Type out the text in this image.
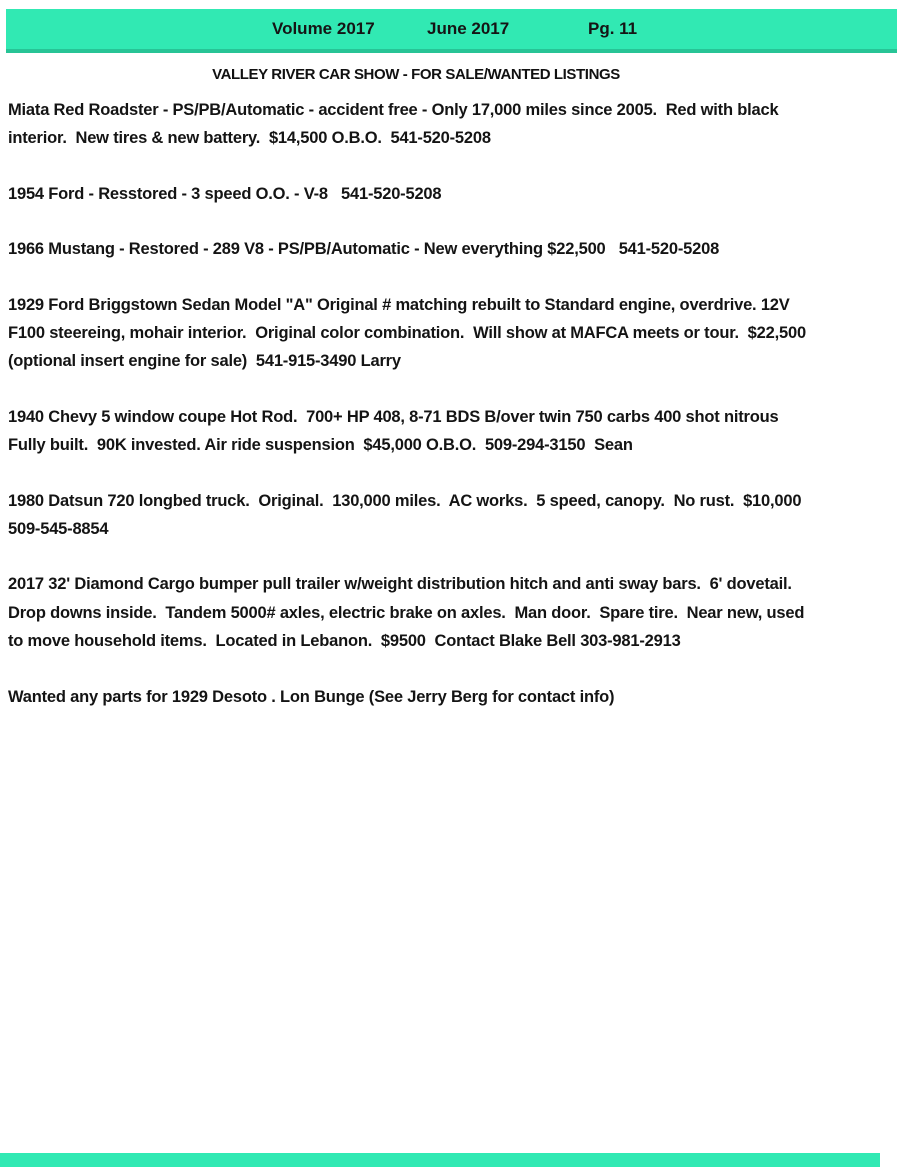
Volume 2017	June 2017	Pg. 11
VALLEY RIVER CAR SHOW - FOR SALE/WANTED LISTINGS
Miata Red Roadster - PS/PB/Automatic - accident free - Only 17,000 miles since 2005.  Red with black
interior.  New tires & new battery.  $14,500 O.B.O.  541-520-5208
1954 Ford - Resstored - 3 speed O.O. - V-8   541-520-5208
1966 Mustang - Restored - 289 V8 - PS/PB/Automatic - New everything $22,500   541-520-5208
1929 Ford Briggstown Sedan Model "A" Original # matching rebuilt to Standard engine, overdrive. 12V
F100 steereing, mohair interior.  Original color combination.  Will show at MAFCA meets or tour.  $22,500
(optional insert engine for sale)  541-915-3490 Larry
1940 Chevy 5 window coupe Hot Rod.  700+ HP 408, 8-71 BDS B/over twin 750 carbs 400 shot nitrous
Fully built.  90K invested. Air ride suspension  $45,000 O.B.O.  509-294-3150  Sean
1980 Datsun 720 longbed truck.  Original.  130,000 miles.  AC works.  5 speed, canopy.  No rust.  $10,000
509-545-8854
2017 32' Diamond Cargo bumper pull trailer w/weight distribution hitch and anti sway bars.  6' dovetail.
Drop downs inside.  Tandem 5000# axles, electric brake on axles.  Man door.  Spare tire.  Near new, used
to move household items.  Located in Lebanon.  $9500  Contact Blake Bell 303-981-2913
Wanted any parts for 1929 Desoto . Lon Bunge (See Jerry Berg for contact info)
